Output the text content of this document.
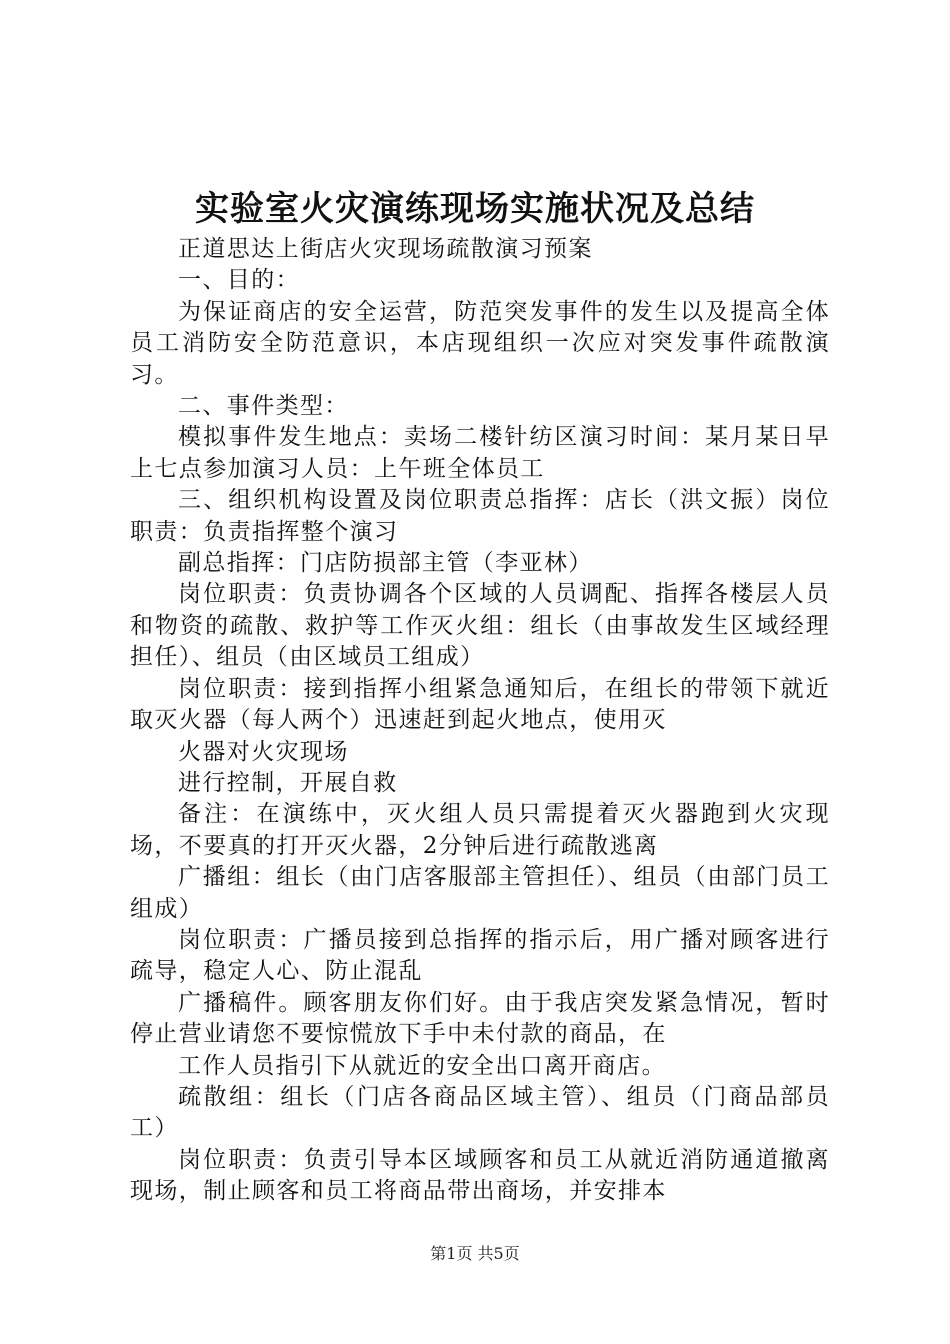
实验室火灾演练现场实施状况及总结

正道思达上街店火灾现场疏散演习预案

一、目的：

为保证商店的安全运营，防范突发事件的发生以及提高全体员工消防安全防范意识，本店现组织一次应对突发事件疏散演习。

二、事件类型：

模拟事件发生地点：卖场二楼针纺区演习时间：某月某日早上七点参加演习人员：上午班全体员工

三、组织机构设置及岗位职责总指挥：店长（洪文振）岗位职责：负责指挥整个演习

副总指挥：门店防损部主管（李亚林）

岗位职责：负责协调各个区域的人员调配、指挥各楼层人员和物资的疏散、救护等工作灭火组：组长（由事故发生区域经理担任）、组员（由区域员工组成）

岗位职责：接到指挥小组紧急通知后，在组长的带领下就近取灭火器（每人两个）迅速赶到起火地点，使用灭

火器对火灾现场

进行控制，开展自救

备注：在演练中，灭火组人员只需提着灭火器跑到火灾现场，不要真的打开灭火器，2分钟后进行疏散逃离

广播组：组长（由门店客服部主管担任）、组员（由部门员工组成）

岗位职责：广播员接到总指挥的指示后，用广播对顾客进行疏导，稳定人心、防止混乱

广播稿件。顾客朋友你们好。由于我店突发紧急情况，暂时停止营业请您不要惊慌放下手中未付款的商品，在

工作人员指引下从就近的安全出口离开商店。

疏散组：组长（门店各商品区域主管）、组员（门商品部员工）

岗位职责：负责引导本区域顾客和员工从就近消防通道撤离现场，制止顾客和员工将商品带出商场，并安排本

第1页 共5页
